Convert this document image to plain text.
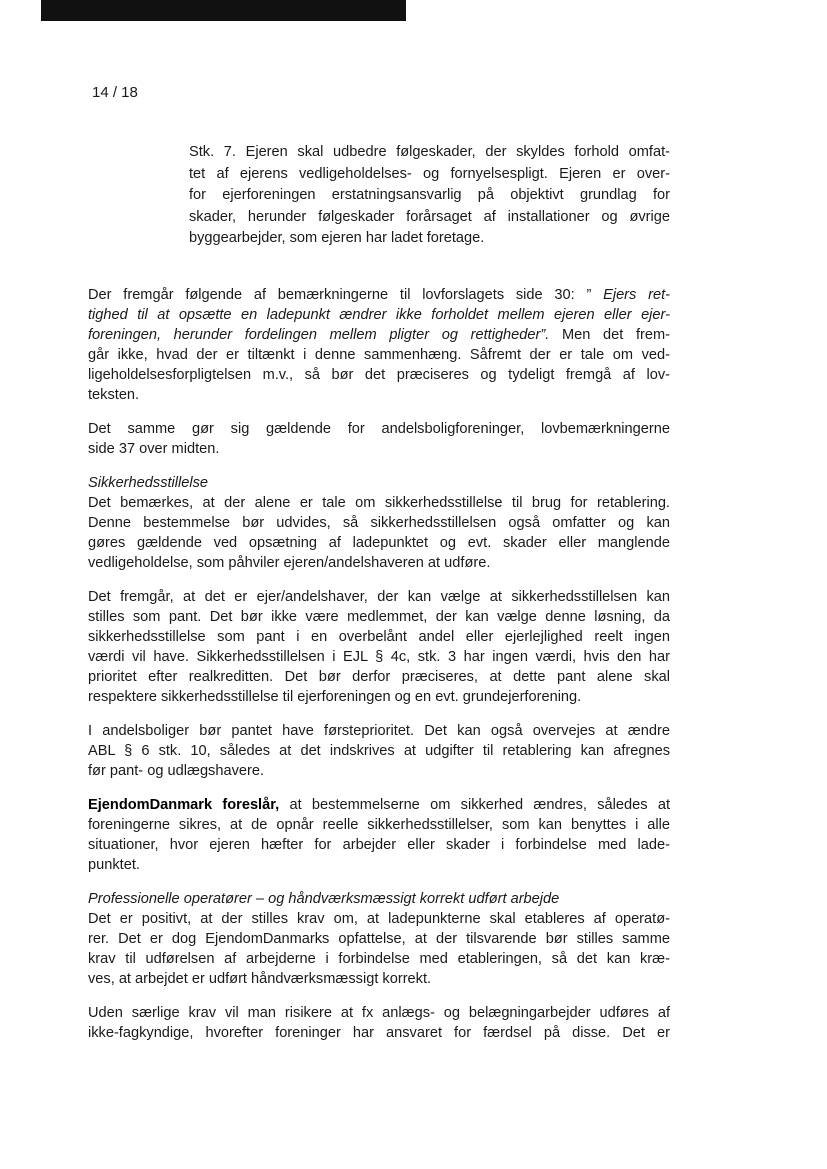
14 / 18
Stk. 7. Ejeren skal udbedre følgeskader, der skyldes forhold omfat-
tet af ejerens vedligeholdelses- og fornyelsespligt. Ejeren er over-
for ejerforeningen erstatningsansvarlig på objektivt grundlag for
skader, herunder følgeskader forårsaget af installationer og øvrige
byggearbejder, som ejeren har ladet foretage.
Der fremgår følgende af bemærkningerne til lovforslagets side 30: ” Ejers ret-
tighed til at opsætte en ladepunkt ændrer ikke forholdet mellem ejeren eller ejer-
foreningen, herunder fordelingen mellem pligter og rettigheder”. Men det frem-
går ikke, hvad der er tiltænkt i denne sammenhæng. Såfremt der er tale om ved-
ligeholdelsesforpligtelsen m.v., så bør det præciseres og tydeligt fremgå af lov-
teksten.
Det samme gør sig gældende for andelsboligforeninger, lovbemærkningerne
side 37 over midten.
Sikkerhedsstillelse
Det bemærkes, at der alene er tale om sikkerhedsstillelse til brug for retablering.
Denne bestemmelse bør udvides, så sikkerhedsstillelsen også omfatter og kan
gøres gældende ved opsætning af ladepunktet og evt. skader eller manglende
vedligeholdelse, som påhviler ejeren/andelshaveren at udføre.
Det fremgår, at det er ejer/andelshaver, der kan vælge at sikkerhedsstillelsen kan
stilles som pant. Det bør ikke være medlemmet, der kan vælge denne løsning, da
sikkerhedsstillelse som pant i en overbelånt andel eller ejerlejlighed reelt ingen
værdi vil have. Sikkerhedsstillelsen i EJL § 4c, stk. 3 har ingen værdi, hvis den har
prioritet efter realkreditten. Det bør derfor præciseres, at dette pant alene skal
respektere sikkerhedsstillelse til ejerforeningen og en evt. grundejerforening.
I andelsboliger bør pantet have førsteprioritet. Det kan også overvejes at ændre
ABL § 6 stk. 10, således at det indskrives at udgifter til retablering kan afregnes
før pant- og udlægshavere.
EjendomDanmark foreslår, at bestemmelserne om sikkerhed ændres, således at
foreningerne sikres, at de opnår reelle sikkerhedsstillelser, som kan benyttes i alle
situationer, hvor ejeren hæfter for arbejder eller skader i forbindelse med lade-
punktet.
Professionelle operatører – og håndværksmæssigt korrekt udført arbejde
Det er positivt, at der stilles krav om, at ladepunkterne skal etableres af operatø-
rer. Det er dog EjendomDanmarks opfattelse, at der tilsvarende bør stilles samme
krav til udførelsen af arbejderne i forbindelse med etableringen, så det kan kræ-
ves, at arbejdet er udført håndværksmæssigt korrekt.
Uden særlige krav vil man risikere at fx anlægs- og belægningarbejder udføres af
ikke-fagkyndige, hvorefter foreninger har ansvaret for færdsel på disse. Det er
